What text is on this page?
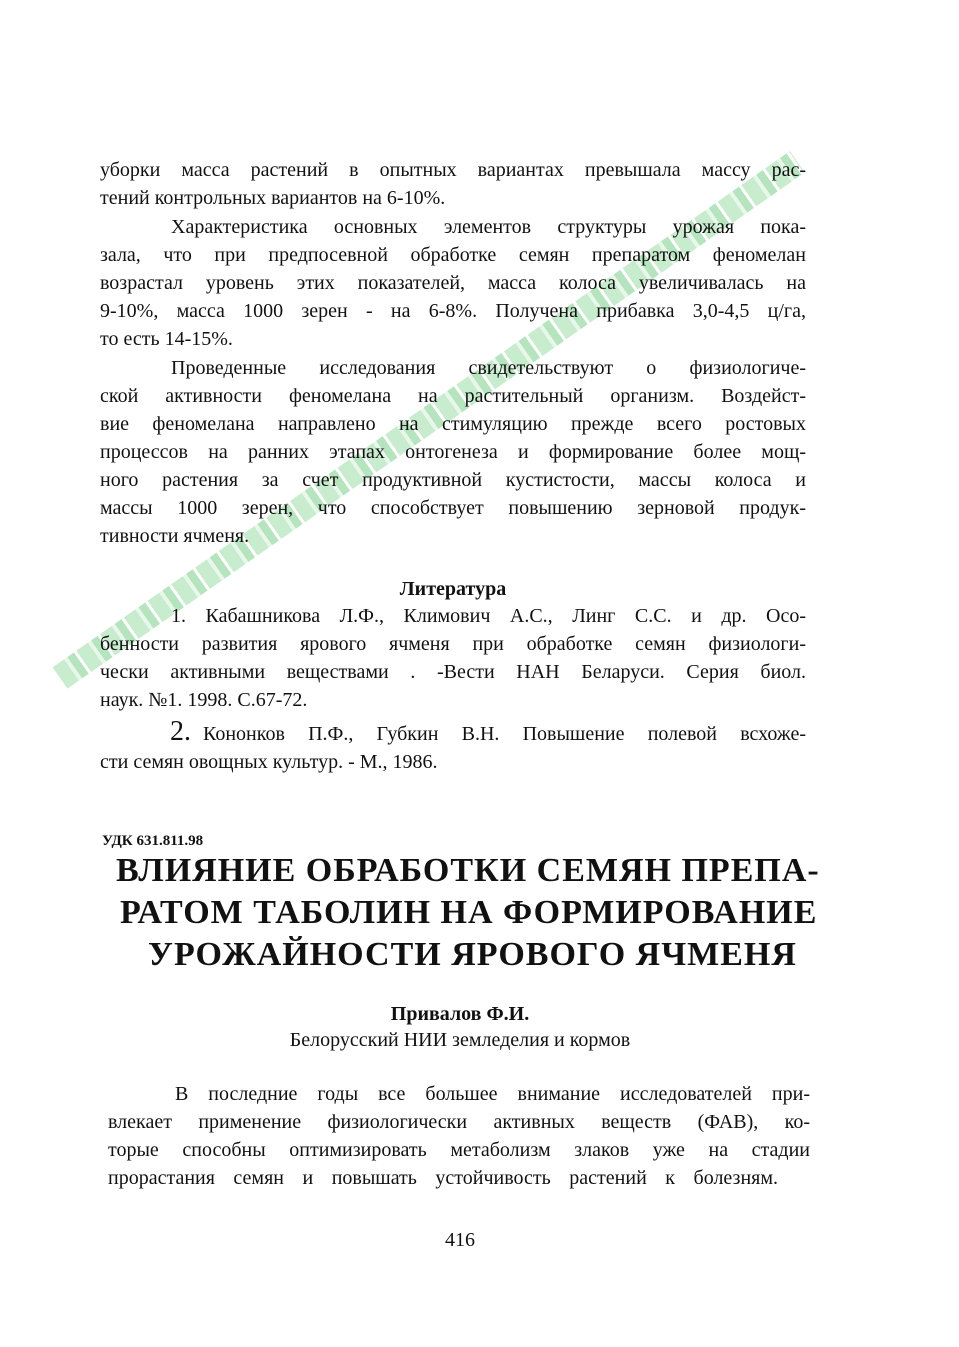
уборки масса растений в опытных вариантах превышала массу рас-
тений контрольных вариантов на 6-10%.
Характеристика основных элементов структуры урожая пока-
зала, что при предпосевной обработке семян препаратом феномелан
возрастал уровень этих показателей, масса колоса увеличивалась на
9-10%, масса 1000 зерен - на 6-8%. Получена прибавка 3,0-4,5 ц/га,
то есть 14-15%.
Проведенные исследования свидетельствуют о физиологиче-
ской активности феномелана на растительный организм. Воздейст-
вие феномелана направлено на стимуляцию прежде всего ростовых
процессов на ранних этапах онтогенеза и формирование более мощ-
ного растения за счет продуктивной кустистости, массы колоса и
массы 1000 зерен, что способствует повышению зерновой продук-
тивности ячменя.
Литература
1. Кабашникова Л.Ф., Климович А.С., Линг С.С. и др. Осо-
бенности развития ярового ячменя при обработке семян физиологи-
чески активными веществами . -Вести НАН Беларуси. Серия биол.
наук. №1. 1998. С.67-72.
2. Кононков П.Ф., Губкин В.Н. Повышение полевой всхоже-
сти семян овощных культур. - М., 1986.
УДК 631.811.98
ВЛИЯНИЕ ОБРАБОТКИ СЕМЯН ПРЕПА-
РАТОМ ТАБОЛИН НА ФОРМИРОВАНИЕ
УРОЖАЙНОСТИ ЯРОВОГО ЯЧМЕНЯ
Привалов Ф.И.
Белорусский НИИ земледелия и кормов
В последние годы все большее внимание исследователей при-
влекает применение физиологически активных веществ (ФАВ), ко-
торые способны оптимизировать метаболизм злаков уже на стадии
прорастания семян и повышать устойчивость растений к болезням.
416
